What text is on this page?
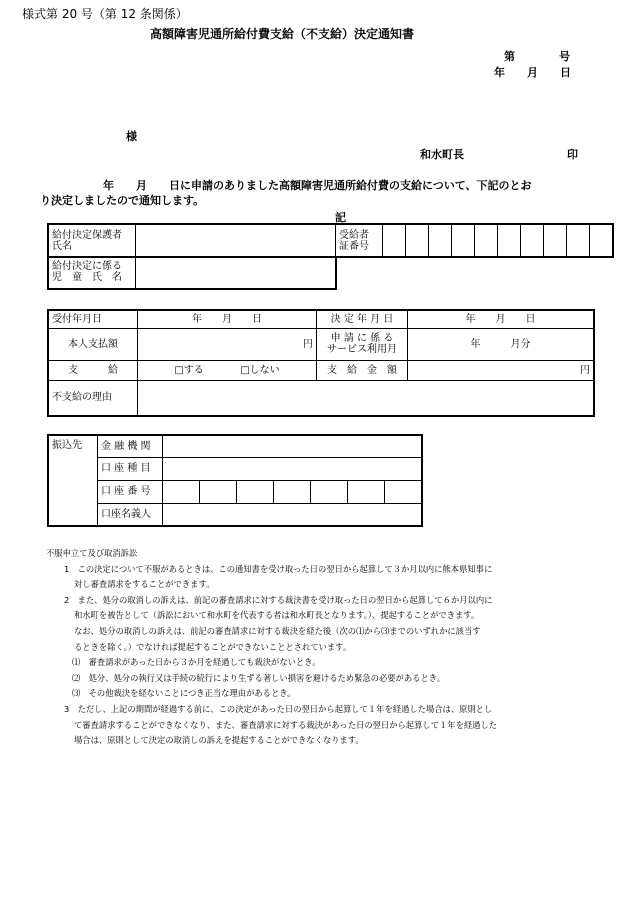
様式第 20 号（第 12 条関係）
高額障害児通所給付費支給（不支給）決定通知書
第　　　　号
年　　月　　日
様
和水町長	印
年　　月　　日に申請のありました高額障害児通所給付費の支給について、下記のとお
り決定しましたので通知します。
記
給付決定保護者
氏名

受給者
証番号

給付決定に係る
児　童　氏　名

受付年月日	年　　月　　日	決 定 年 月 日	年　　月　　日
本人支払額	円	申 請 に 係 る
サービス利用月	年　　　月分
支　　　給	□する □しない	支　給　金　額	円
不支給の理由			
振込先	金 融 機 関							
	口 座 種 目							
	口 座 番 号							
	口座名義人							
不服申立て及び取消訴訟
1　この決定について不服があるときは、この通知書を受け取った日の翌日から起算して３か月以内に熊本県知事に
対し審査請求をすることができます。
2　また、処分の取消しの訴えは、前記の審査請求に対する裁決書を受け取った日の翌日から起算して６か月以内に
和水町を被告として（訴訟において和水町を代表する者は和水町長となります。）、提起することができます。
なお、処分の取消しの訴えは、前記の審査請求に対する裁決を経た後（次の⑴から⑶までのいずれかに該当す
るときを除く。）でなければ提起することができないこととされています。
⑴　審査請求があった日から３か月を経過しても裁決がないとき。
⑵　処分、処分の執行又は手続の続行により生ずる著しい損害を避けるため緊急の必要があるとき。
⑶　その他裁決を経ないことにつき正当な理由があるとき。
3　ただし、上記の期間が経過する前に、この決定があった日の翌日から起算して１年を経過した場合は、原則とし
て審査請求することができなくなり、また、審査請求に対する裁決があった日の翌日から起算して１年を経過した
場合は、原則として決定の取消しの訴えを提起することができなくなります。
